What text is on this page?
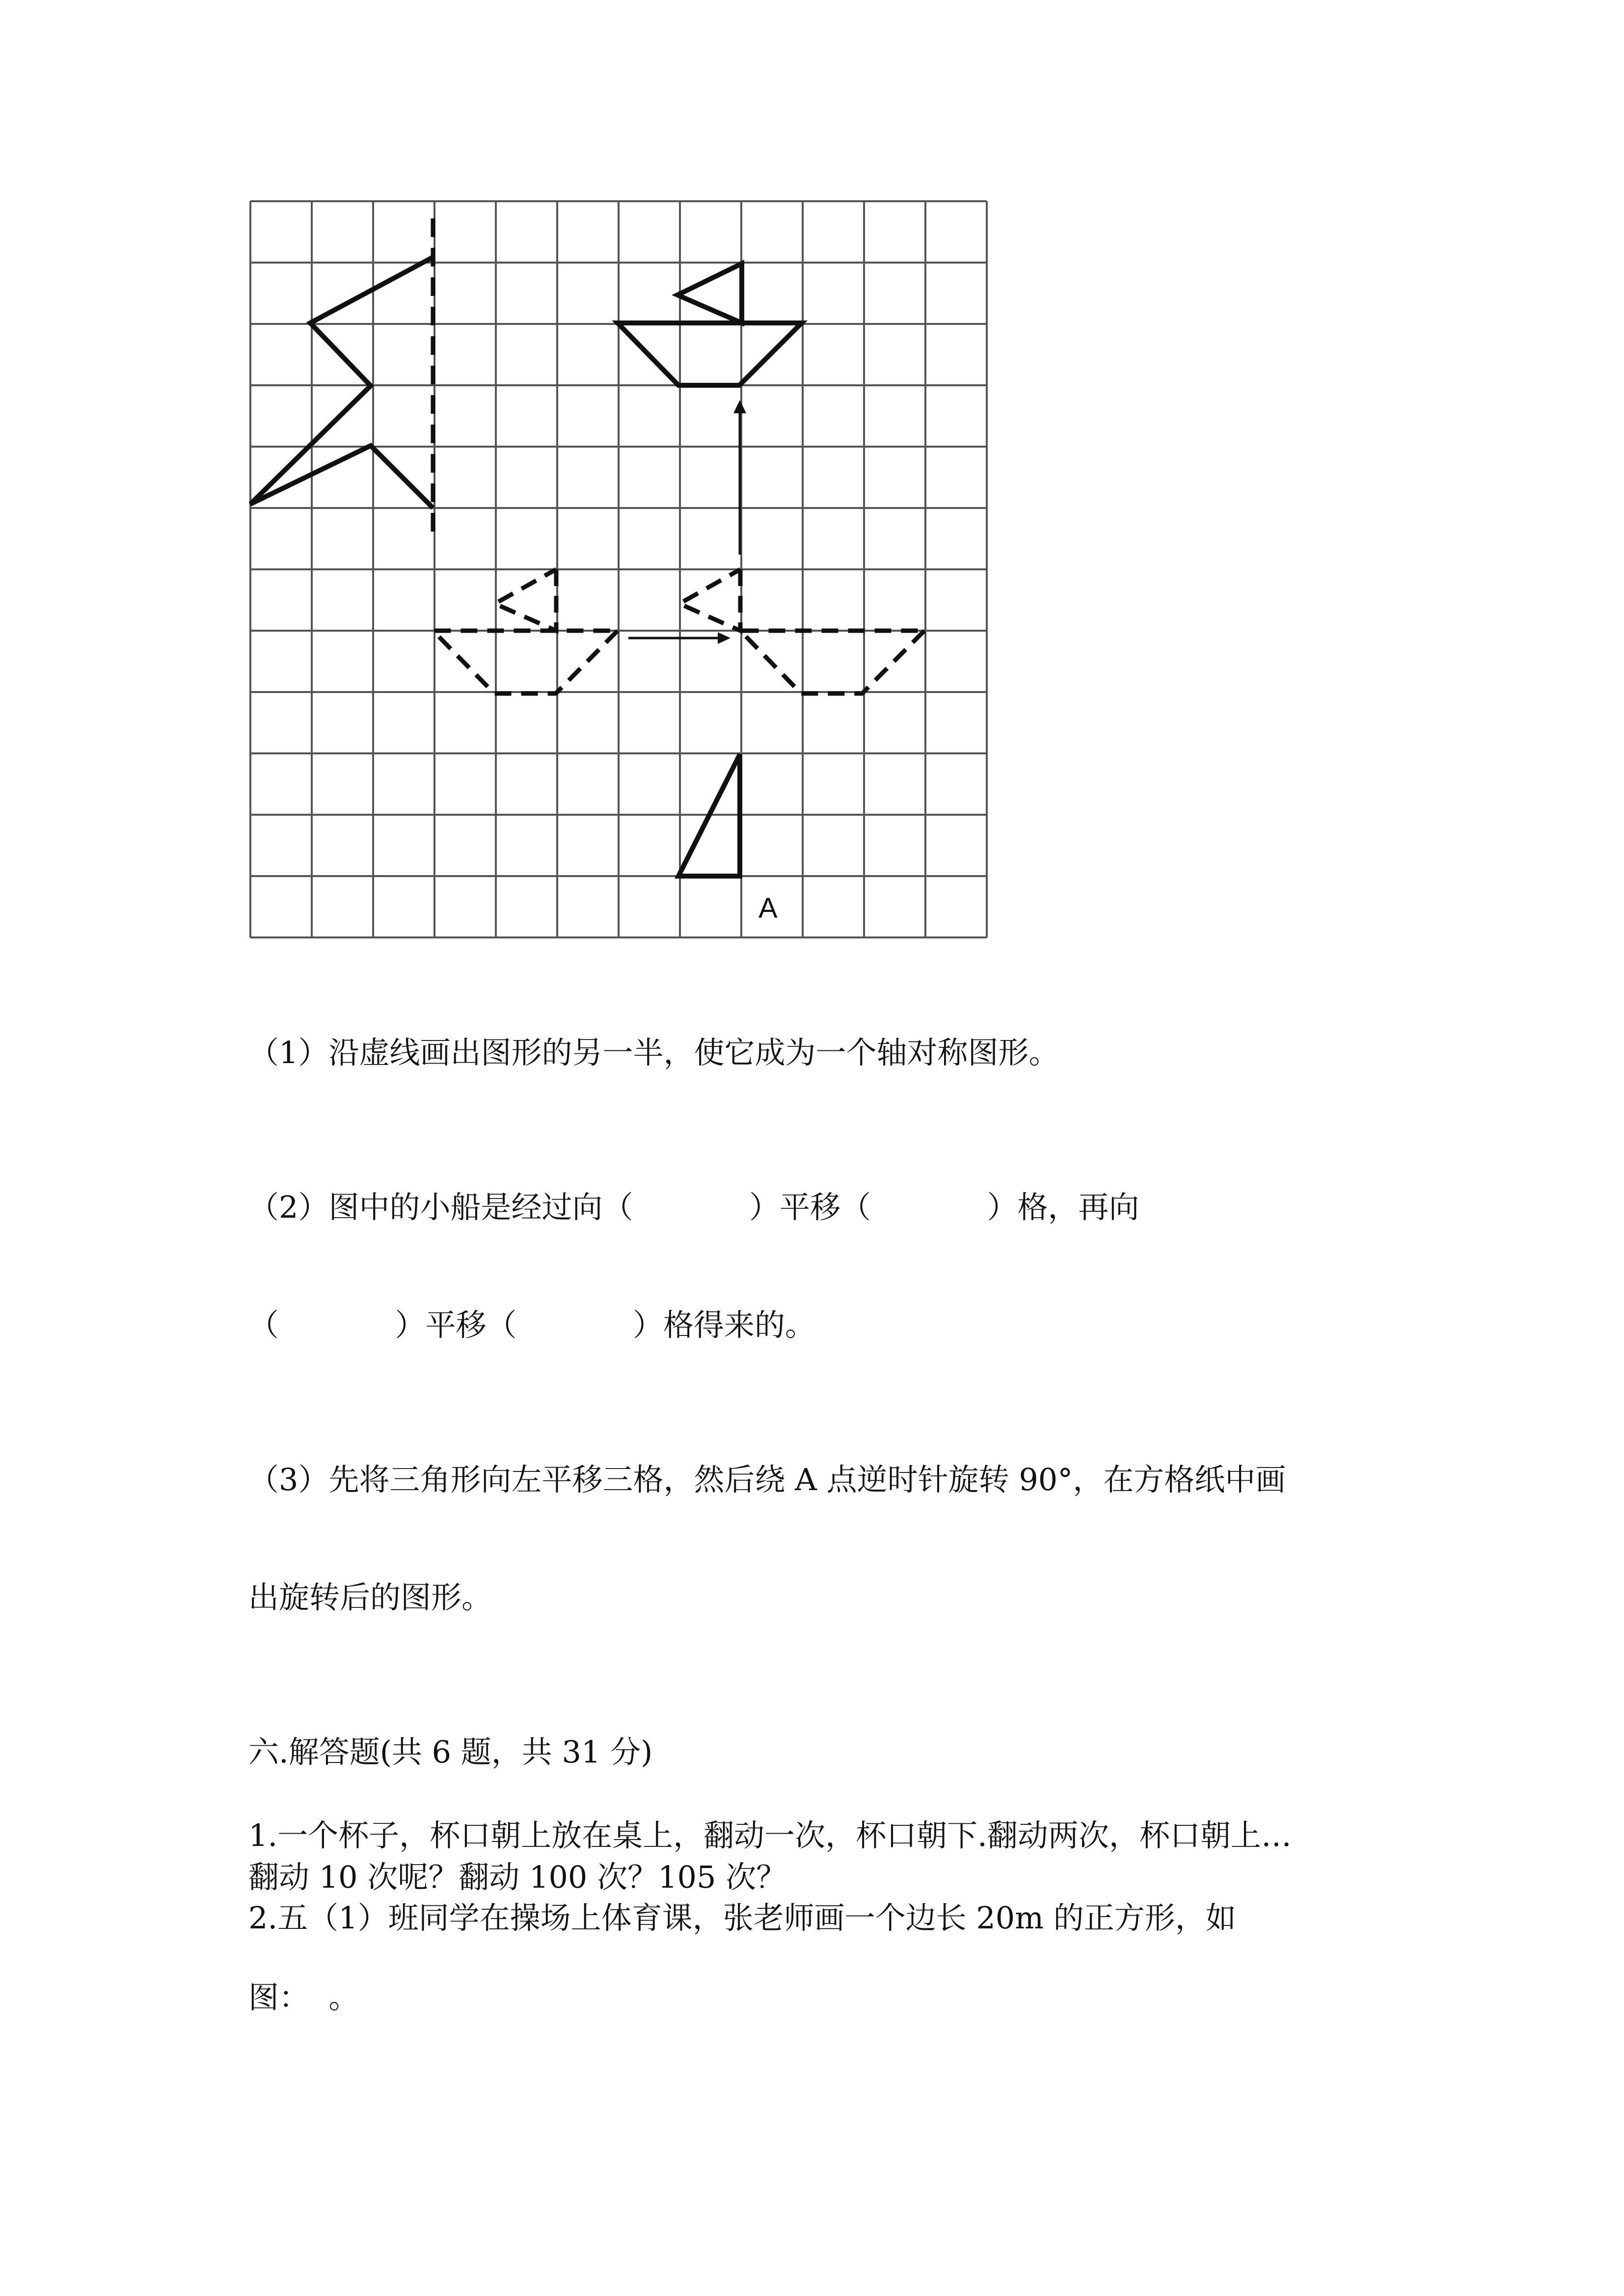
A

（1）沿虚线画出图形的另一半，使它成为一个轴对称图形。

（2）图中的小船是经过向（            ）平移（            ）格，再向

（            ）平移（            ）格得来的。

（3）先将三角形向左平移三格，然后绕 A 点逆时针旋转 90°，在方格纸中画

出旋转后的图形。

六.解答题(共 6 题，共 31 分)

1.一个杯子，杯口朝上放在桌上，翻动一次，杯口朝下.翻动两次，杯口朝上…

翻动 10 次呢？翻动 100 次？105 次？

2.五（1）班同学在操场上体育课，张老师画一个边长 20m 的正方形，如

图：  。
